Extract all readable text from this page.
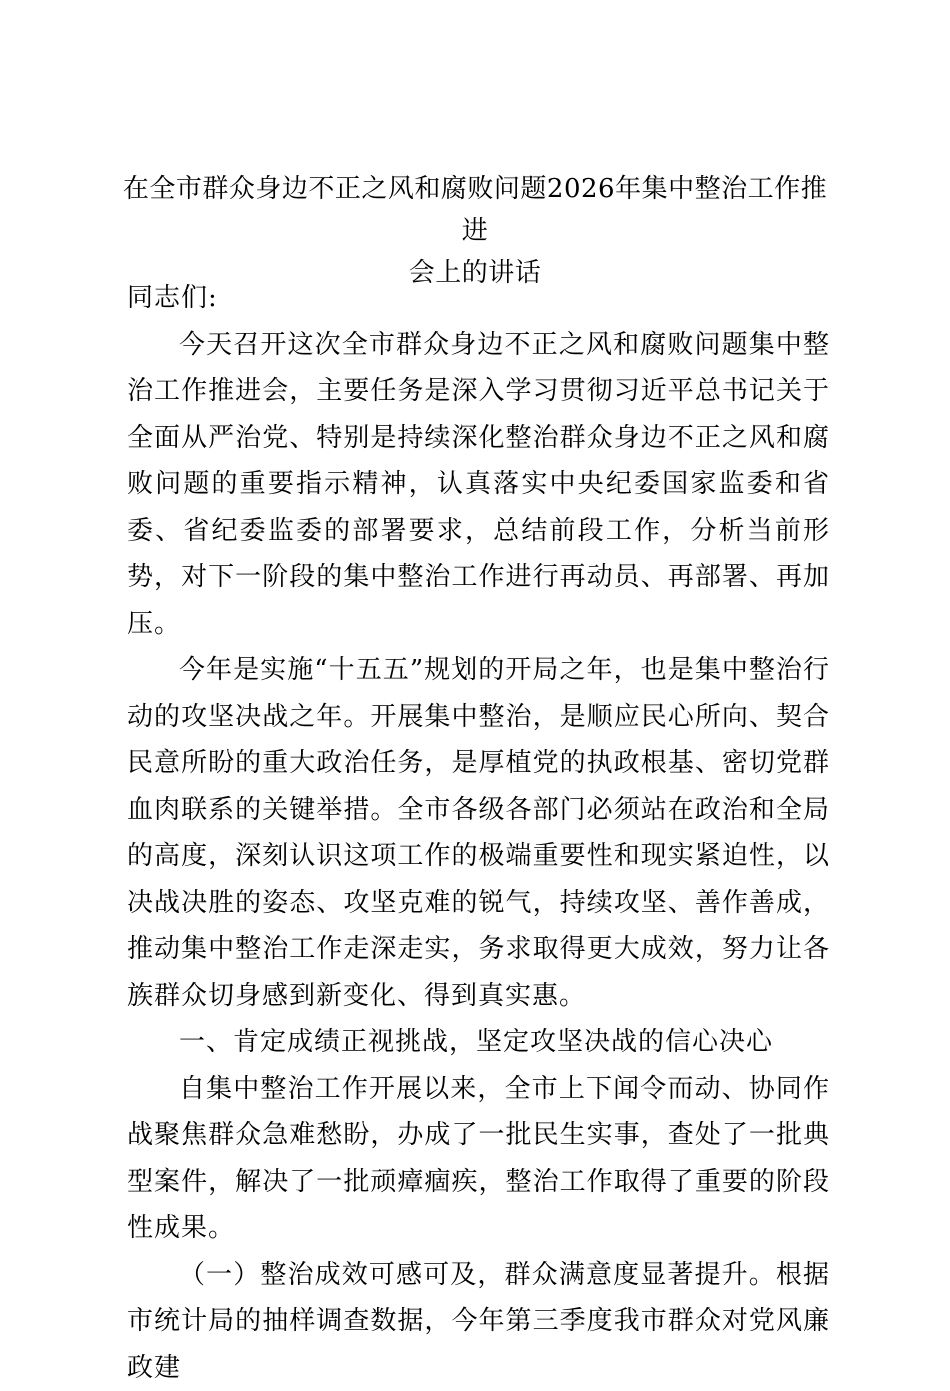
在全市群众身边不正之风和腐败问题2026年集中整治工作推进
会上的讲话

同志们:

今天召开这次全市群众身边不正之风和腐败问题集中整治工作推进会，主要任务是深入学习贯彻习近平总书记关于全面从严治党、特别是持续深化整治群众身边不正之风和腐败问题的重要指示精神，认真落实中央纪委国家监委和省委、省纪委监委的部署要求，总结前段工作，分析当前形势，对下一阶段的集中整治工作进行再动员、再部署、再加压。

今年是实施“十五五”规划的开局之年，也是集中整治行动的攻坚决战之年。开展集中整治，是顺应民心所向、契合民意所盼的重大政治任务，是厚植党的执政根基、密切党群血肉联系的关键举措。全市各级各部门必须站在政治和全局的高度，深刻认识这项工作的极端重要性和现实紧迫性，以决战决胜的姿态、攻坚克难的锐气，持续攻坚、善作善成，推动集中整治工作走深走实，务求取得更大成效，努力让各族群众切身感到新变化、得到真实惠。

一、肯定成绩正视挑战，坚定攻坚决战的信心决心

自集中整治工作开展以来，全市上下闻令而动、协同作战聚焦群众急难愁盼，办成了一批民生实事，查处了一批典型案件，解决了一批顽瘴痼疾，整治工作取得了重要的阶段性成果。

（一）整治成效可感可及，群众满意度显著提升。根据市统计局的抽样调查数据，今年第三季度我市群众对党风廉政建
